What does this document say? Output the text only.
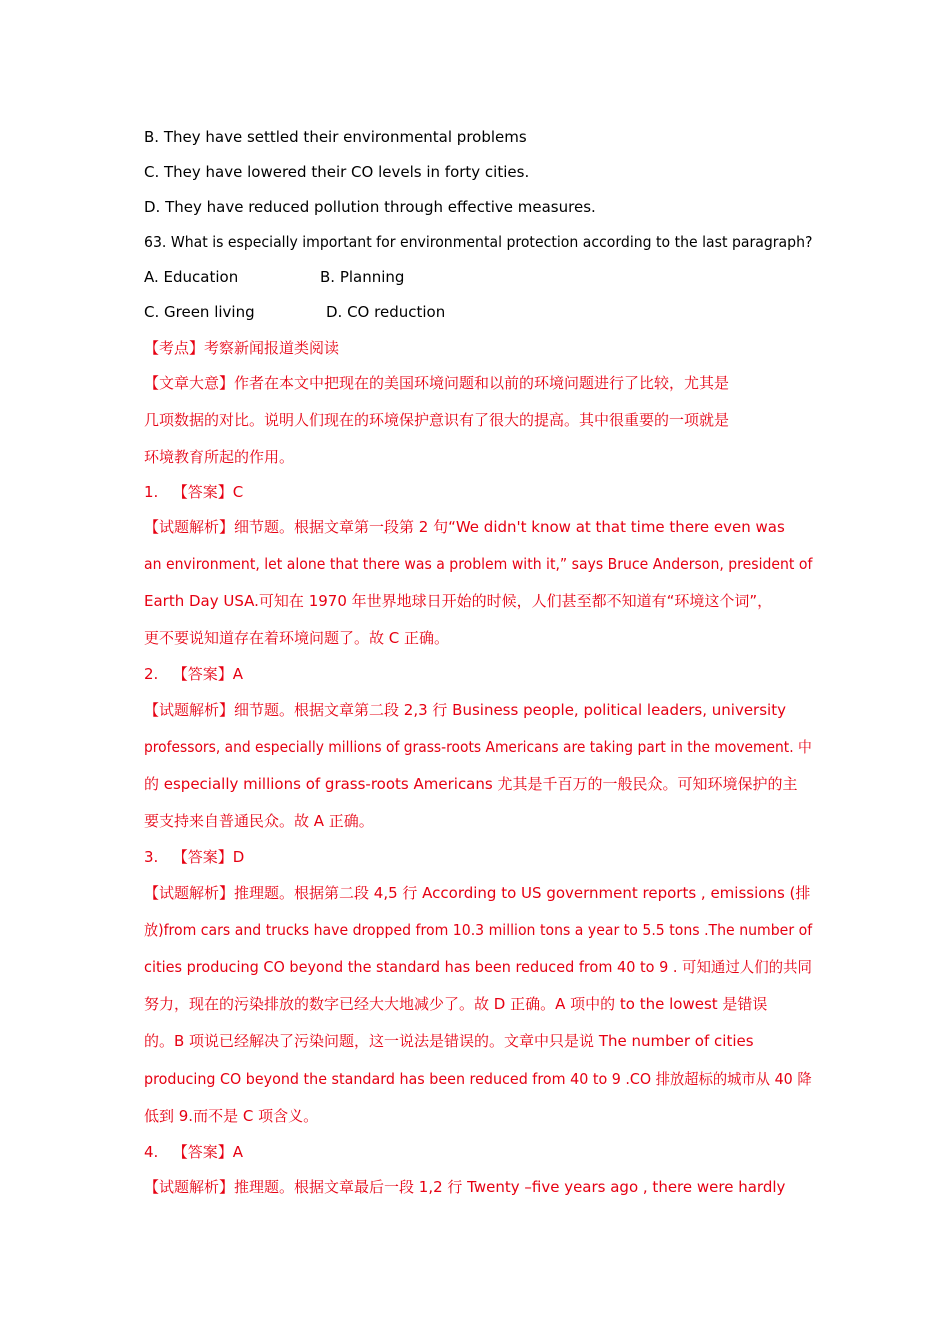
B. They have settled their environmental problems
C. They have lowered their CO levels in forty cities.
D. They have reduced pollution through effective measures.
63. What is especially important for environmental protection according to the last paragraph?
A. Education	B. Planning
C. Green living	D. CO reduction
【考点】考察新闻报道类阅读
【文章大意】作者在本文中把现在的美国环境问题和以前的环境问题进行了比较，尤其是
几项数据的对比。说明人们现在的环境保护意识有了很大的提高。其中很重要的一项就是
环境教育所起的作用。
1. 【答案】C
【试题解析】细节题。根据文章第一段第 2 句“We didn't know at that time there even was
an environment, let alone that there was a problem with it,” says Bruce Anderson, president of
Earth Day USA.可知在 1970 年世界地球日开始的时候，人们甚至都不知道有“环境这个词”，
更不要说知道存在着环境问题了。故 C 正确。
2. 【答案】A
【试题解析】细节题。根据文章第二段 2,3 行 Business people, political leaders, university
professors, and especially millions of grass-roots Americans are taking part in the movement. 中
的 especially millions of grass-roots Americans 尤其是千百万的一般民众。可知环境保护的主
要支持来自普通民众。故 A 正确。
3. 【答案】D
【试题解析】推理题。根据第二段 4,5 行 According to US government reports , emissions (排
放)from cars and trucks have dropped from 10.3 million tons a year to 5.5 tons .The number of
cities producing CO beyond the standard has been reduced from 40 to 9 . 可知通过人们的共同
努力，现在的污染排放的数字已经大大地减少了。故 D 正确。A 项中的 to the lowest 是错误
的。B 项说已经解决了污染问题，这一说法是错误的。文章中只是说 The number of cities
producing CO beyond the standard has been reduced from 40 to 9 .CO 排放超标的城市从 40 降
低到 9.而不是 C 项含义。
4. 【答案】A
【试题解析】推理题。根据文章最后一段 1,2 行 Twenty –five years ago , there were hardly
